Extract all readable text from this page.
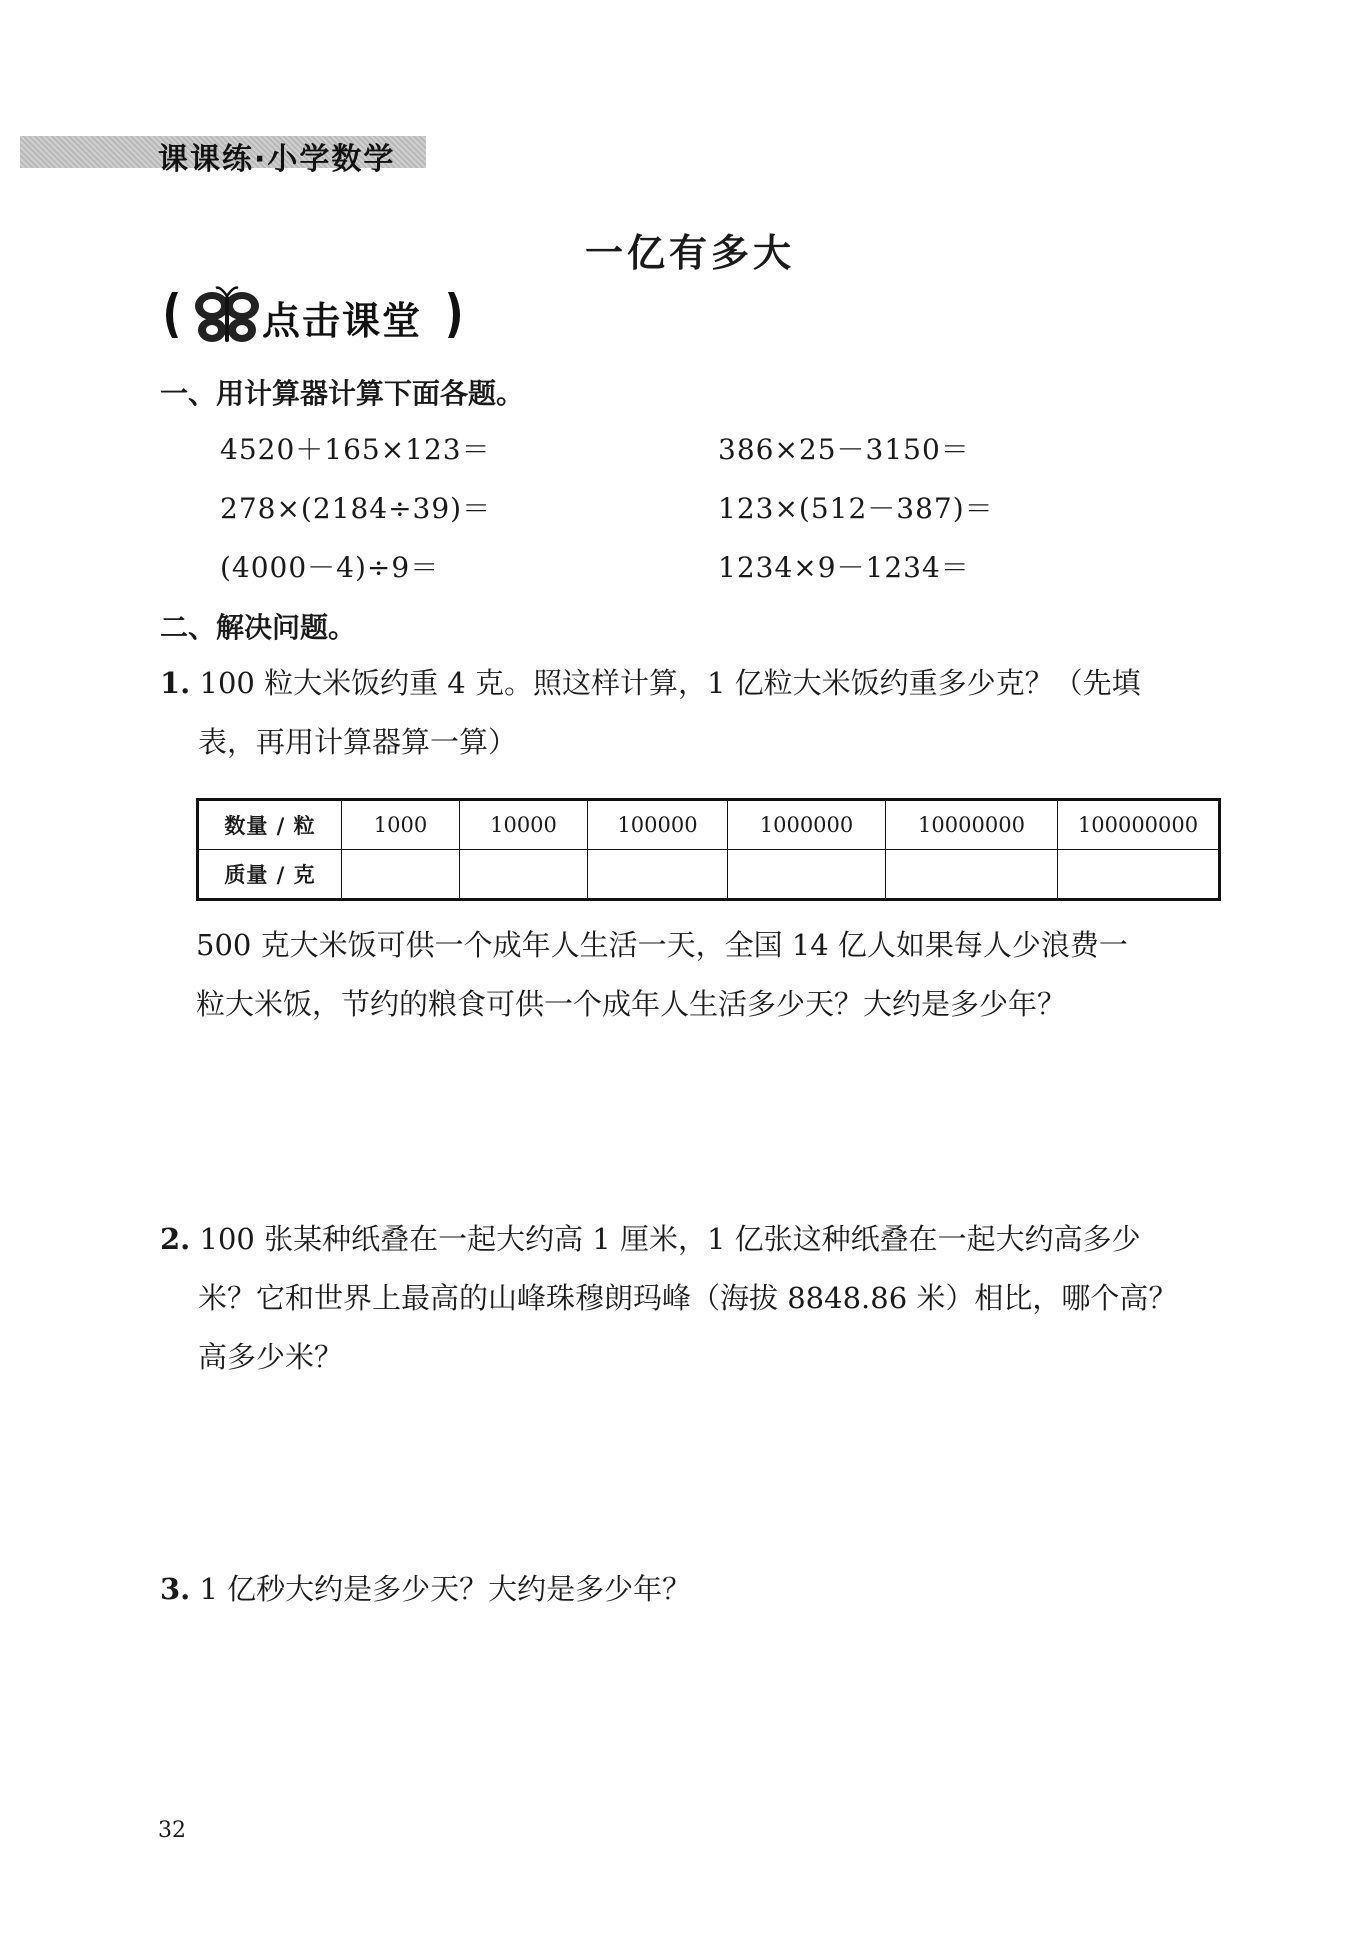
课课练·小学数学
一亿有多大
点击课堂
一、用计算器计算下面各题。
4520＋165×123＝	386×25－3150＝
278×(2184÷39)＝	123×(512－387)＝
(4000－4)÷9＝	1234×9－1234＝
二、解决问题。
1. 100 粒大米饭约重 4 克。照这样计算，1 亿粒大米饭约重多少克？（先填
表，再用计算器算一算）
数量 / 粒	1000	10000	100000	1000000	10000000	100000000
质量 / 克						
500 克大米饭可供一个成年人生活一天，全国 14 亿人如果每人少浪费一
粒大米饭，节约的粮食可供一个成年人生活多少天？大约是多少年？
2. 100 张某种纸叠在一起大约高 1 厘米，1 亿张这种纸叠在一起大约高多少
米？它和世界上最高的山峰珠穆朗玛峰（海拔 8848.86 米）相比，哪个高？
高多少米？
3. 1 亿秒大约是多少天？大约是多少年？
32
